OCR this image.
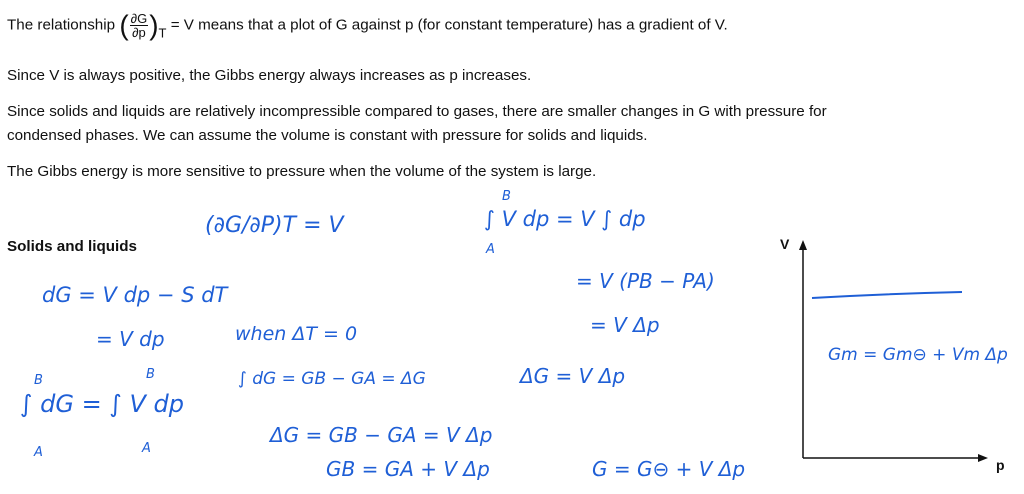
The relationship ( $\frac{\partial G}{\partial p} )T = V$ means that a plot of G against p (for constant temperature) has a gradient of V.

Since V is always positive, the Gibbs energy always increases as p increases.

Since solids and liquids are relatively incompressible compared to gases, there are smaller changes in G with pressure for
condensed phases. We can assume the volume is constant with pressure for solids and liquids.

The Gibbs energy is more sensitive to pressure when the volume of the system is large.

Solids and liquids

(∂G/∂P)T = V
dG = V dp − S dT
= V dp	when ΔT = 0
∫ dG = ∫ V dp
A
B
A
B	∫ dG = GB − GA = ΔG
ΔG = GB − GA = V Δp
GB = GA + V Δp
∫ V dp = V ∫ dp
A
B
= V (PB − PA)
= V Δp
ΔG = V Δp
G = G⊖ + V Δp
V
p
Gm = Gm⊖ + Vm Δp
